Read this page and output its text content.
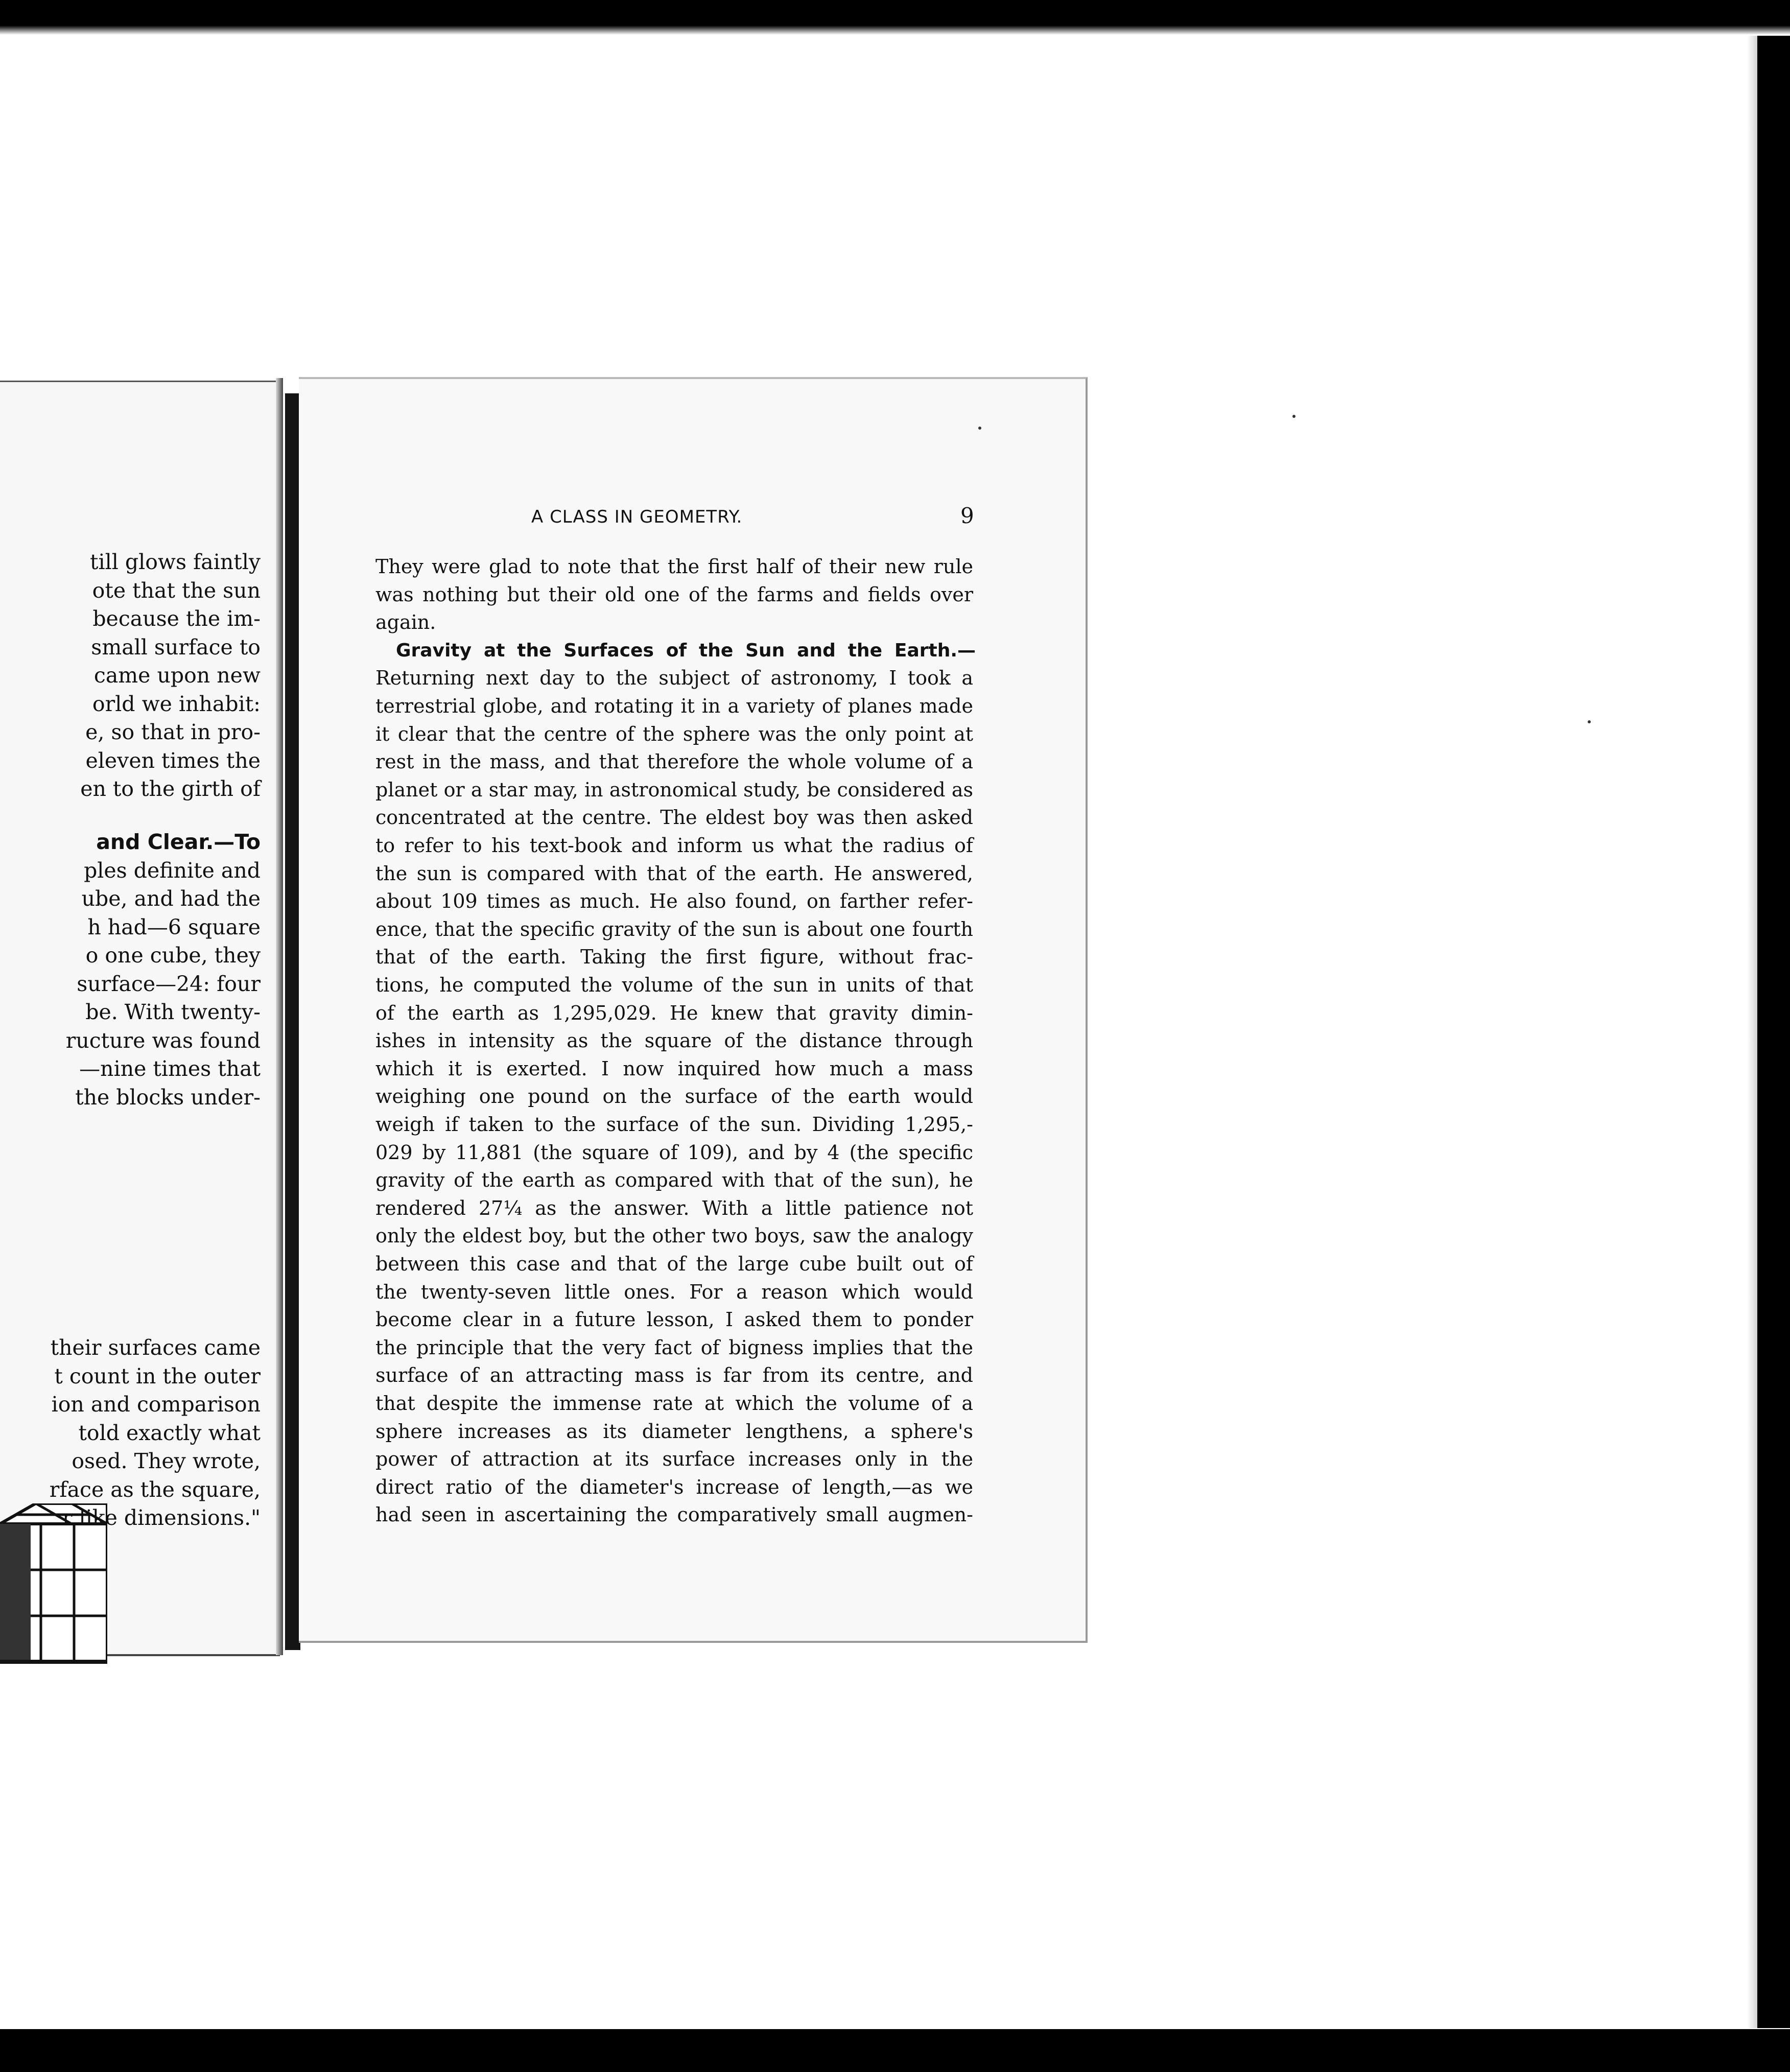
till glows faintly
ote that the sun
because the im-
small surface to
came upon new
orld we inhabit:
e, so that in pro-
eleven times the
en to the girth of
and Clear.—To
ples definite and
ube, and had the
h had—6 square
o one cube, they
surface—24: four
be. With twenty-
ructure was found
—nine times that
the blocks under-
their surfaces came
t count in the outer
ion and comparison
told exactly what
osed. They wrote,
rface as the square,
r like dimensions."
A CLASS IN GEOMETRY.	9
They were glad to note that the first half of their new rule
was nothing but their old one of the farms and fields over
again.
Gravity at the Surfaces of the Sun and the Earth.—
Returning next day to the subject of astronomy, I took a
terrestrial globe, and rotating it in a variety of planes made
it clear that the centre of the sphere was the only point at
rest in the mass, and that therefore the whole volume of a
planet or a star may, in astronomical study, be considered as
concentrated at the centre. The eldest boy was then asked
to refer to his text-book and inform us what the radius of
the sun is compared with that of the earth. He answered,
about 109 times as much. He also found, on farther refer-
ence, that the specific gravity of the sun is about one fourth
that of the earth. Taking the first figure, without frac-
tions, he computed the volume of the sun in units of that
of the earth as 1,295,029. He knew that gravity dimin-
ishes in intensity as the square of the distance through
which it is exerted. I now inquired how much a mass
weighing one pound on the surface of the earth would
weigh if taken to the surface of the sun. Dividing 1,295,-
029 by 11,881 (the square of 109), and by 4 (the specific
gravity of the earth as compared with that of the sun), he
rendered 27¼ as the answer. With a little patience not
only the eldest boy, but the other two boys, saw the analogy
between this case and that of the large cube built out of
the twenty-seven little ones. For a reason which would
become clear in a future lesson, I asked them to ponder
the principle that the very fact of bigness implies that the
surface of an attracting mass is far from its centre, and
that despite the immense rate at which the volume of a
sphere increases as its diameter lengthens, a sphere's
power of attraction at its surface increases only in the
direct ratio of the diameter's increase of length,—as we
had seen in ascertaining the comparatively small augmen-
